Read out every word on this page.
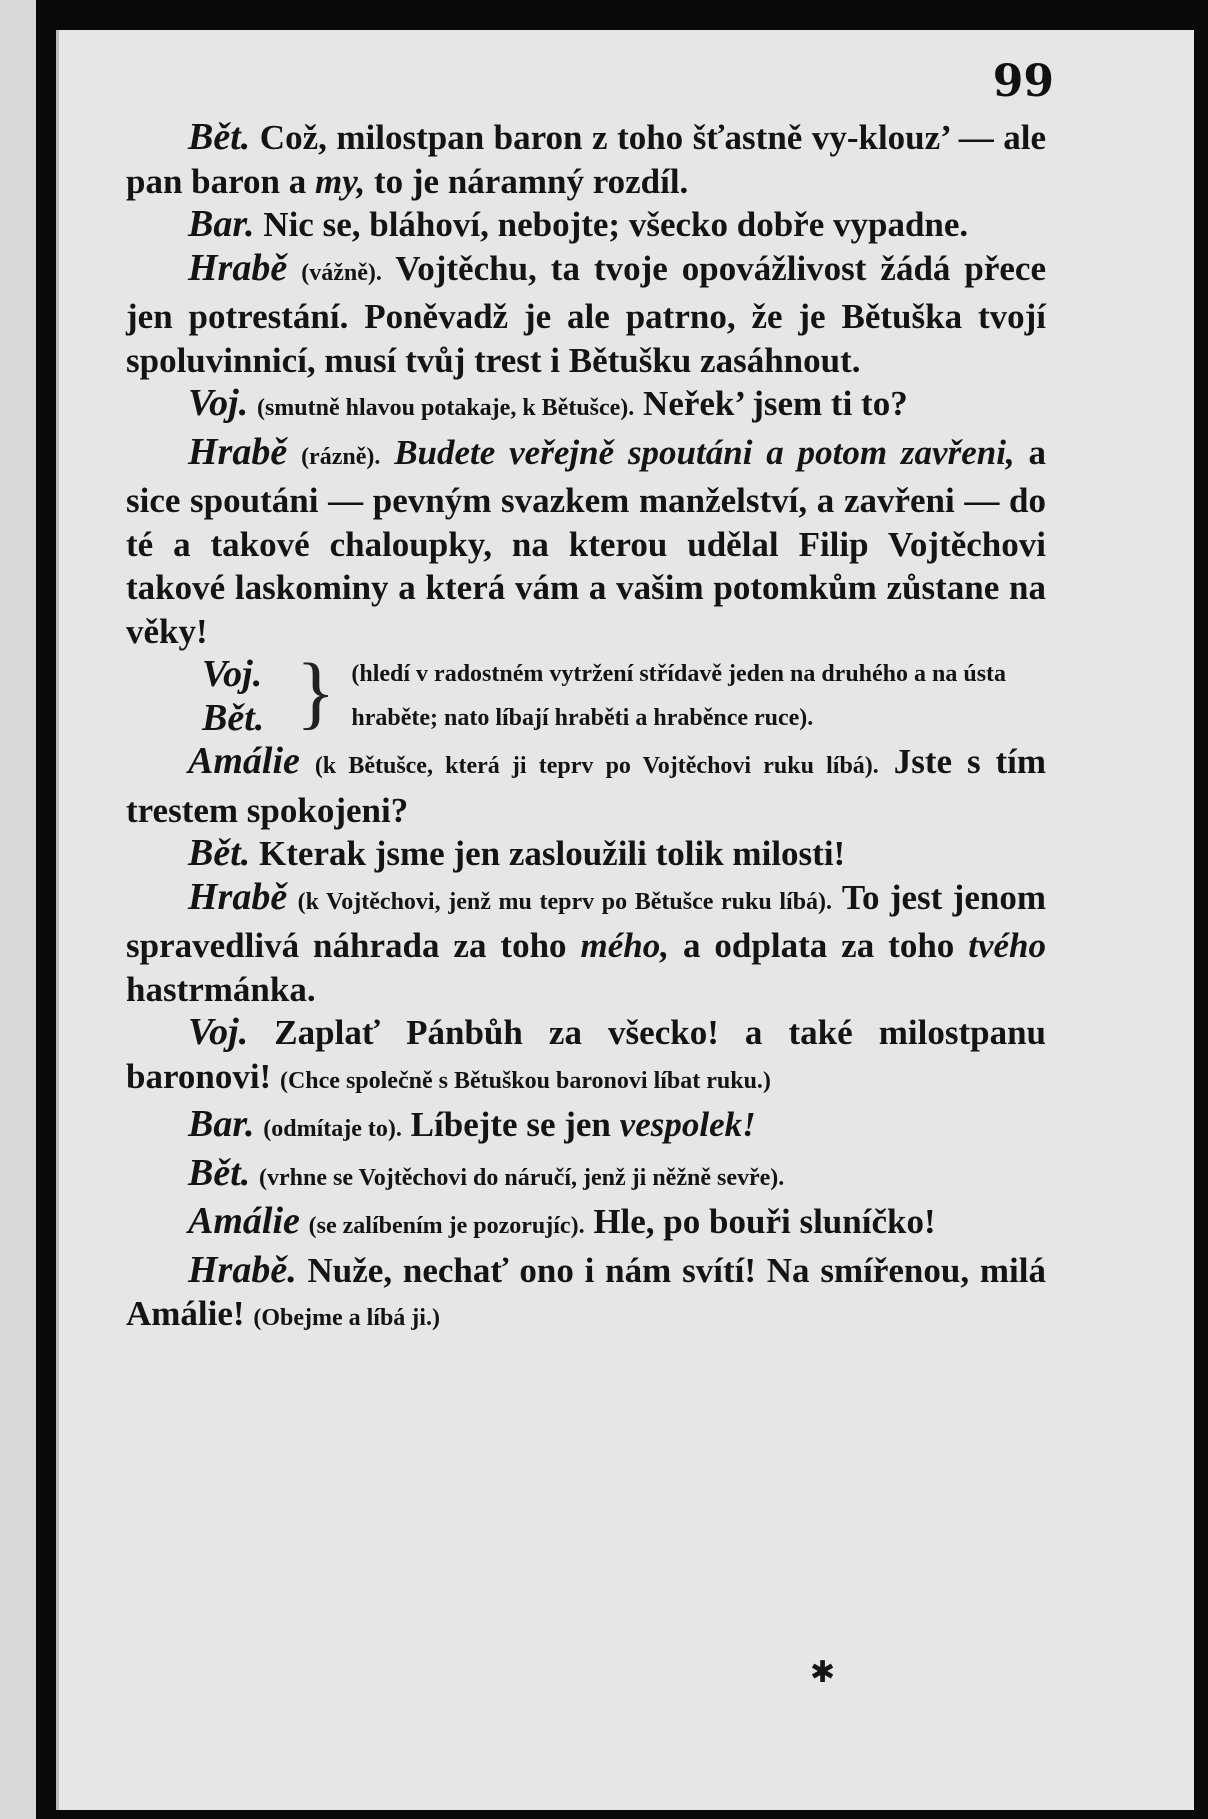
99

Bět. Což, milostpan baron z toho šťastně vy-klouz’ — ale pan baron a my, to je náramný rozdíl.

Bar. Nic se, bláhoví, nebojte; všecko dobře vypadne.

Hrabě (vážně). Vojtěchu, ta tvoje opovážlivost žádá přece jen potrestání. Poněvadž je ale patrno, že je Bětuška tvojí spoluvinnicí, musí tvůj trest i Bětušku zasáhnout.

Voj. (smutně hlavou potakaje, k Bětušce). Neřek’ jsem ti to?

Hrabě (rázně). Budete veřejně spoutáni a potom zavřeni, a sice spoutáni — pevným svazkem manželství, a zavřeni — do té a takové chaloupky, na kterou udělal Filip Vojtěchovi takové laskominy a která vám a vašim potomkům zůstane na věky!

Voj.
Bět. } (hledí v radostném vytržení střídavě jeden na druhého a na ústa hraběte; nato líbají hraběti a hraběnce ruce).

Amálie (k Bětušce, která ji teprv po Vojtěchovi ruku líbá). Jste s tím trestem spokojeni?

Bět. Kterak jsme jen zasloužili tolik milosti!

Hrabě (k Vojtěchovi, jenž mu teprv po Bětušce ruku líbá). To jest jenom spravedlivá náhrada za toho mého, a odplata za toho tvého hastrmánka.

Voj. Zaplať Pánbůh za všecko! a také milostpanu baronovi! (Chce společně s Bětuškou baronovi líbat ruku.)

Bar. (odmítaje to). Líbejte se jen vespolek!

Bět. (vrhne se Vojtěchovi do náručí, jenž ji něžně sevře).

Amálie (se zalíbením je pozorujíc). Hle, po bouři sluníčko!

Hrabě. Nuže, nechať ono i nám svítí! Na smířenou, milá Amálie! (Obejme a líbá ji.)

✱
